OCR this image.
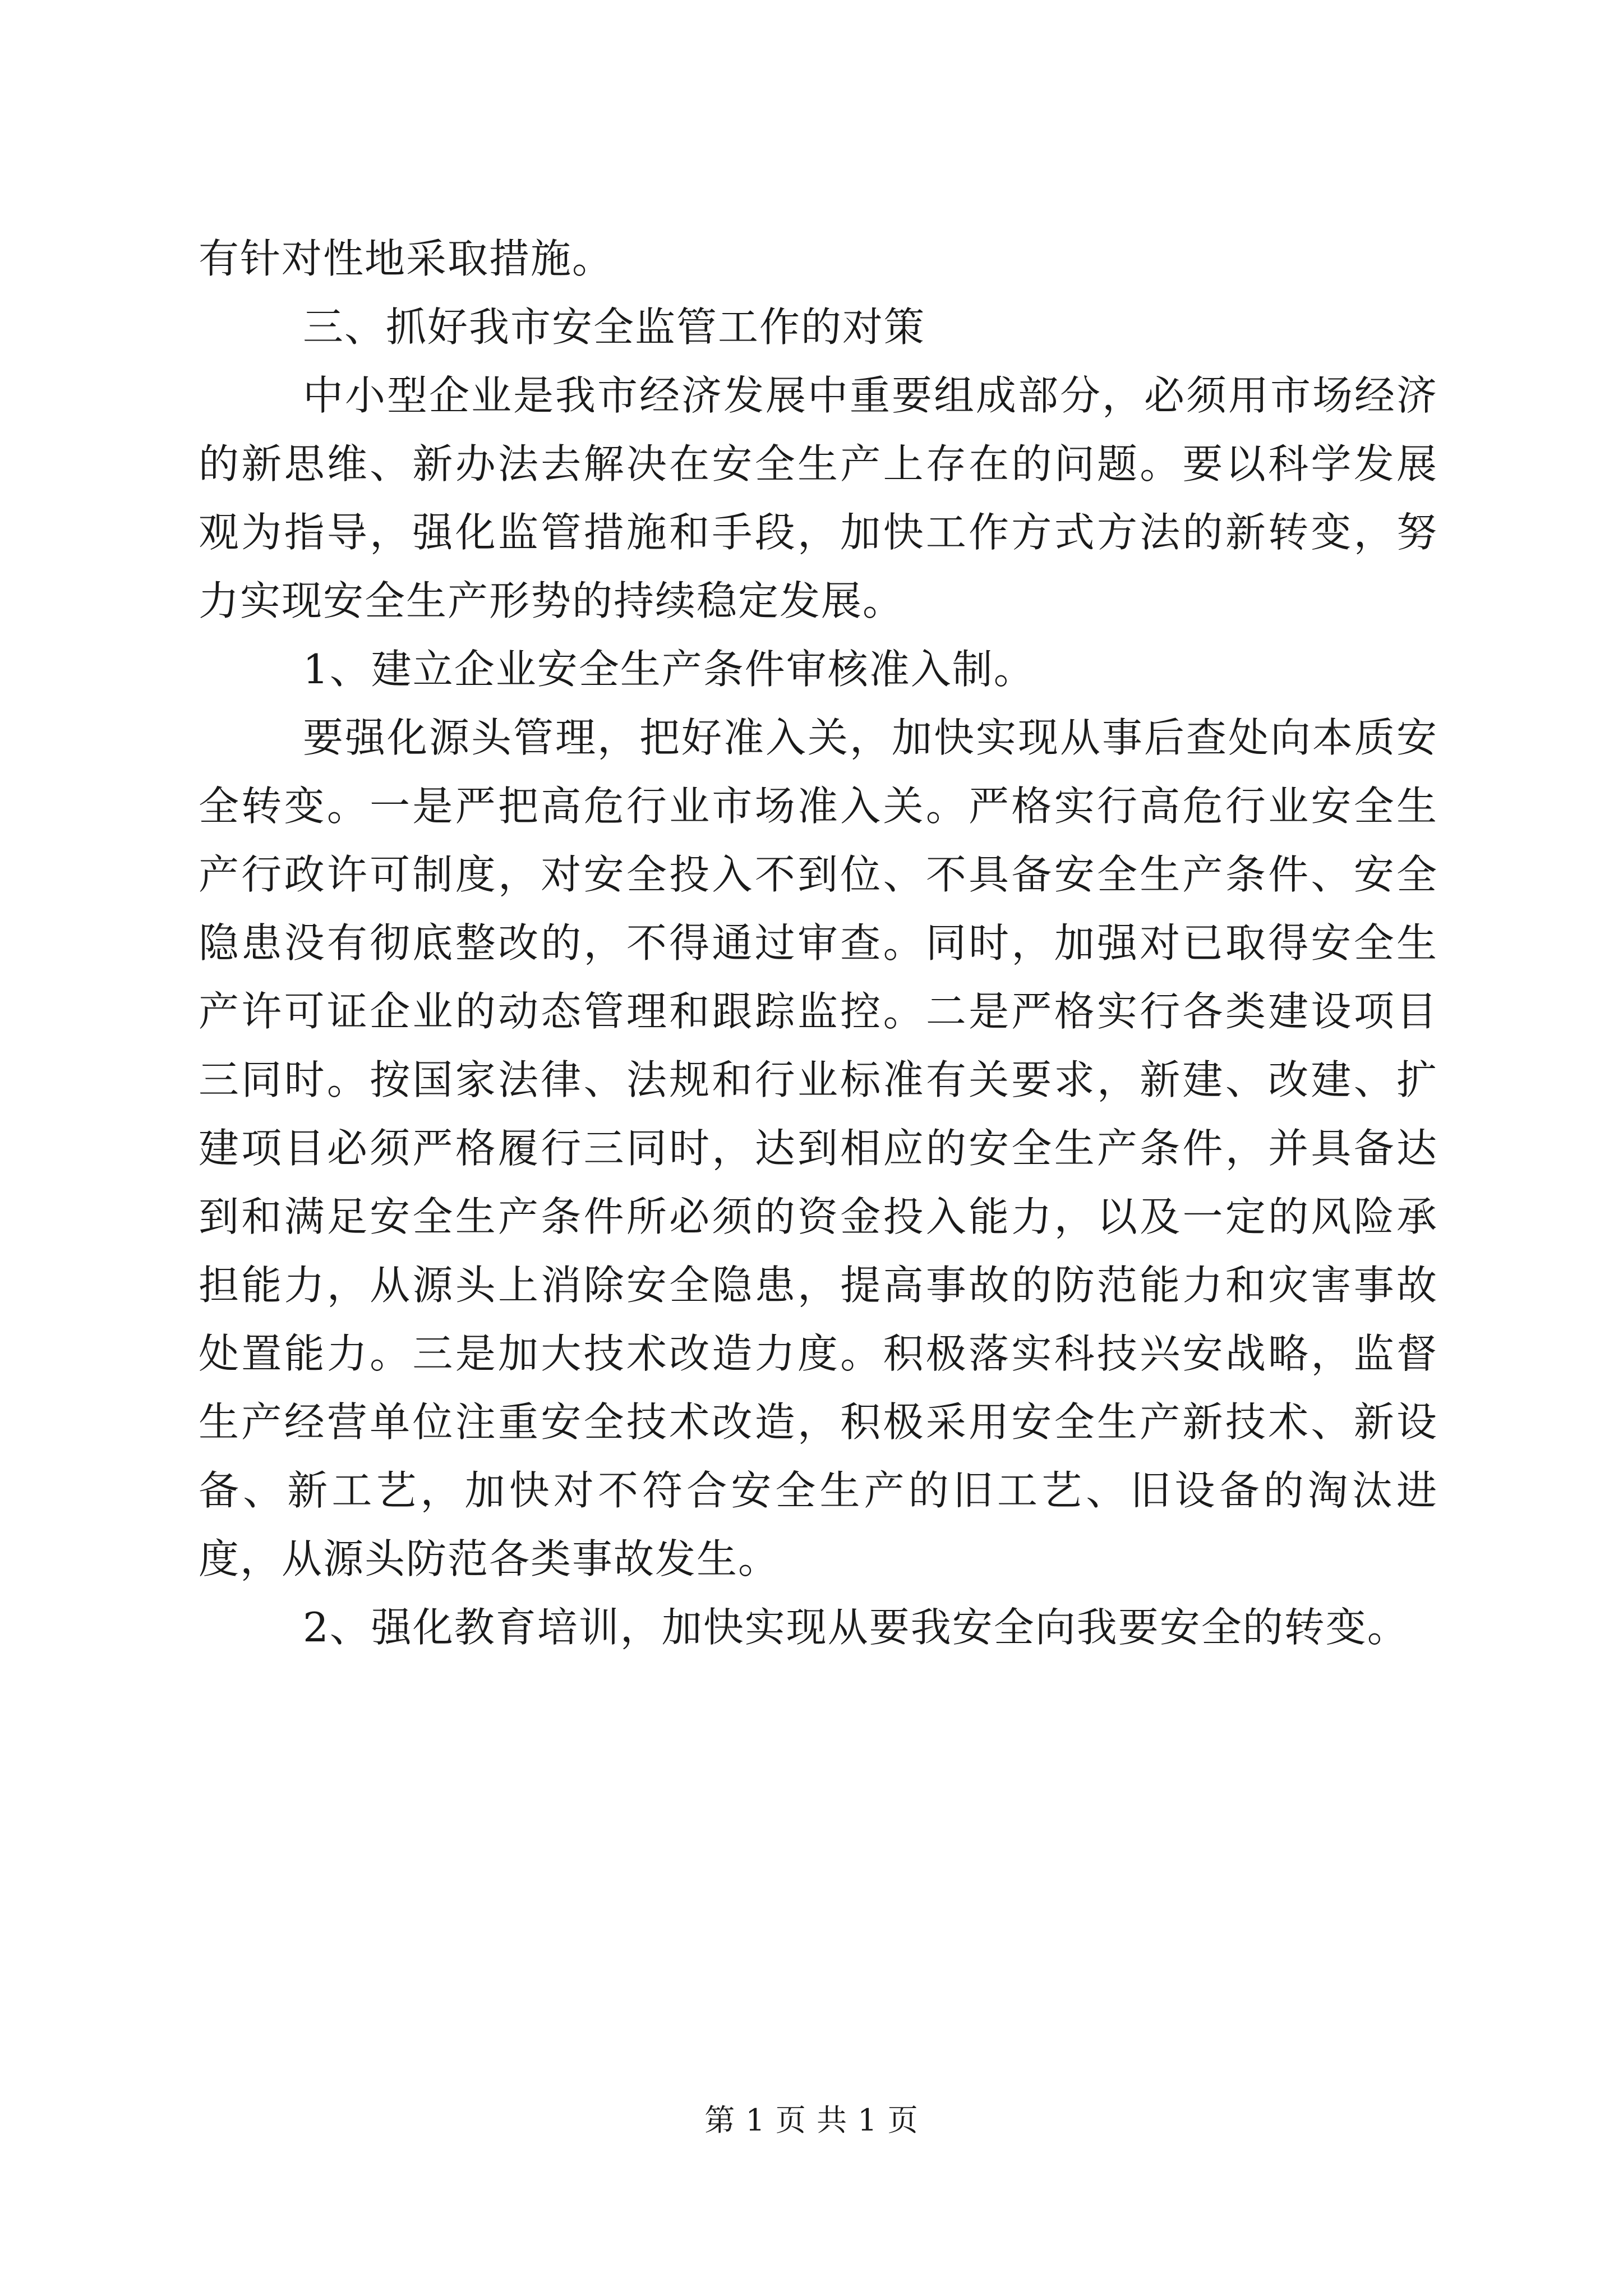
有针对性地采取措施。

三、抓好我市安全监管工作的对策

中小型企业是我市经济发展中重要组成部分，必须用市场经济的新思维、新办法去解决在安全生产上存在的问题。要以科学发展观为指导，强化监管措施和手段，加快工作方式方法的新转变，努力实现安全生产形势的持续稳定发展。

1、建立企业安全生产条件审核准入制。

要强化源头管理，把好准入关，加快实现从事后查处向本质安全转变。一是严把高危行业市场准入关。严格实行高危行业安全生产行政许可制度，对安全投入不到位、不具备安全生产条件、安全隐患没有彻底整改的，不得通过审查。同时，加强对已取得安全生产许可证企业的动态管理和跟踪监控。二是严格实行各类建设项目三同时。按国家法律、法规和行业标准有关要求，新建、改建、扩建项目必须严格履行三同时，达到相应的安全生产条件，并具备达到和满足安全生产条件所必须的资金投入能力，以及一定的风险承担能力，从源头上消除安全隐患，提高事故的防范能力和灾害事故处置能力。三是加大技术改造力度。积极落实科技兴安战略，监督生产经营单位注重安全技术改造，积极采用安全生产新技术、新设备、新工艺，加快对不符合安全生产的旧工艺、旧设备的淘汰进度，从源头防范各类事故发生。

2、强化教育培训，加快实现从要我安全向我要安全的转变。

第 1 页 共 1 页
